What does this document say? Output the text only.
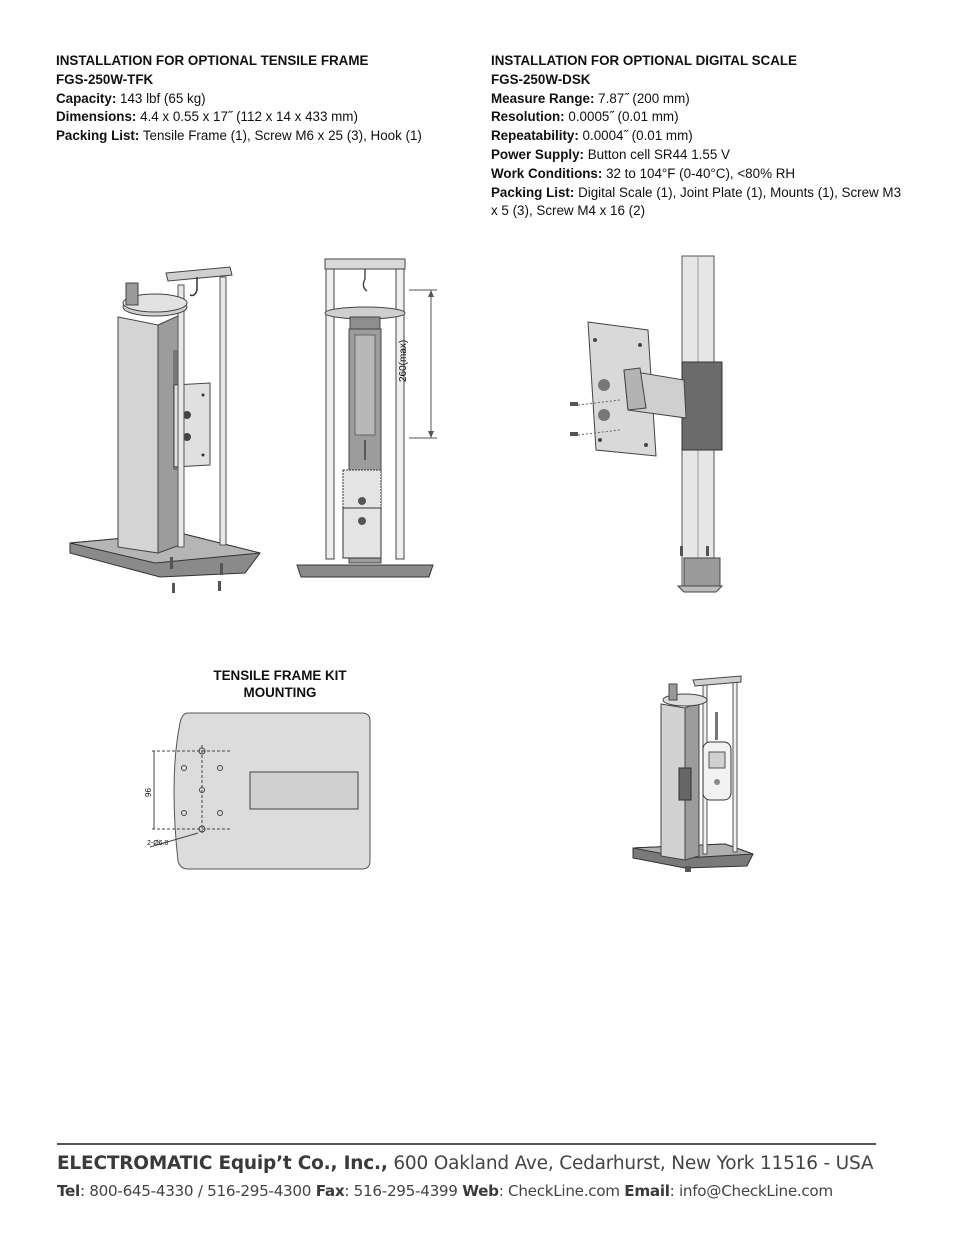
INSTALLATION FOR OPTIONAL TENSILE FRAME
FGS-250W-TFK
Capacity: 143 lbf (65 kg)
Dimensions: 4.4 x 0.55 x 17˝ (112 x 14 x 433 mm)
Packing List: Tensile Frame (1), Screw M6 x 25 (3), Hook (1)
INSTALLATION FOR OPTIONAL DIGITAL SCALE
FGS-250W-DSK
Measure Range: 7.87˝ (200 mm)
Resolution: 0.0005˝ (0.01 mm)
Repeatability: 0.0004˝ (0.01 mm)
Power Supply: Button cell SR44 1.55 V
Work Conditions: 32 to 104°F (0-40°C), <80% RH
Packing List: Digital Scale (1), Joint Plate (1), Mounts (1), Screw M3 x 5 (3), Screw M4 x 16 (2)
260(max)
TENSILE FRAME KIT
MOUNTING
96
2-Ø6.0
ELECTROMATIC Equip’t Co., Inc., 600 Oakland Ave, Cedarhurst, New York 11516 - USA
Tel: 800-645-4330 / 516-295-4300 Fax: 516-295-4399 Web: CheckLine.com Email: info@CheckLine.com
